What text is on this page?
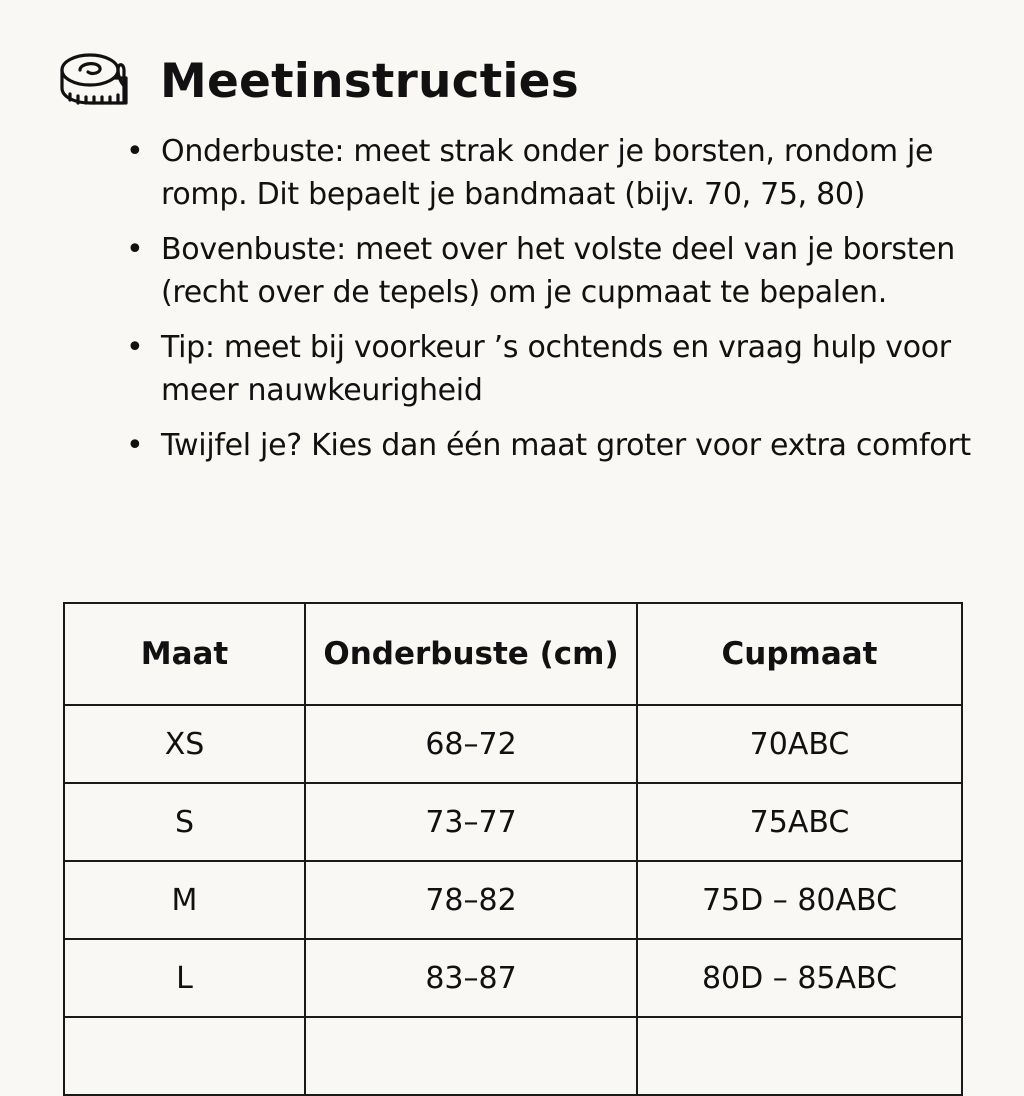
Meetinstructies
• Onderbuste: meet strak onder je borsten, rondom je romp. Dit bepaelt je bandmaat (bijv. 70, 75, 80)
• Bovenbuste: meet over het volste deel van je borsten (recht over de tepels) om je cupmaat te bepalen.
• Tip: meet bij voorkeur ’s ochtends en vraag hulp voor meer nauwkeurigheid
• Twijfel je? Kies dan één maat groter voor extra comfort
Maat	Onderbuste (cm)	Cupmaat
XS	68–72	70ABC
S	73–77	75ABC
M	78–82	75D – 80ABC
L	83–87	80D – 85ABC
